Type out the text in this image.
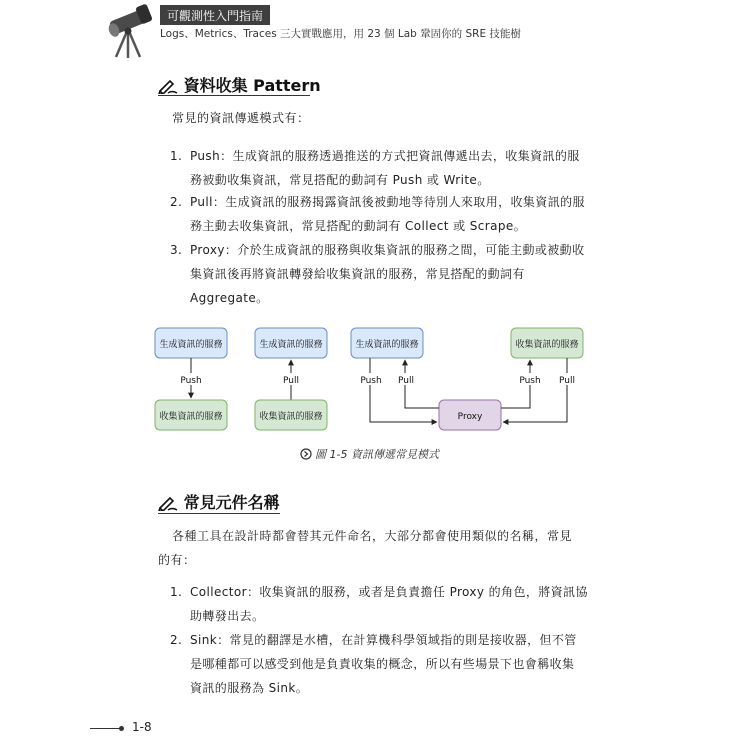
可觀測性入門指南
Logs、Metrics、Traces 三大實戰應用，用 23 個 Lab 鞏固你的 SRE 技能樹
資料收集 Pattern
常見的資訊傳遞模式有：
1. Push：生成資訊的服務透過推送的方式把資訊傳遞出去，收集資訊的服
務被動收集資訊，常見搭配的動詞有 Push 或 Write。
2. Pull：生成資訊的服務揭露資訊後被動地等待別人來取用，收集資訊的服
務主動去收集資訊，常見搭配的動詞有 Collect 或 Scrape。
3. Proxy：介於生成資訊的服務與收集資訊的服務之間，可能主動或被動收
集資訊後再將資訊轉發給收集資訊的服務，常見搭配的動詞有
Aggregate。
生成資訊的服務
Push
收集資訊的服務
生成資訊的服務
Pull
收集資訊的服務
生成資訊的服務	收集資訊的服務
Proxy
Push Pull	Push Pull
圖 1-5 資訊傳遞常見模式
常見元件名稱
各種工具在設計時都會替其元件命名，大部分都會使用類似的名稱，常見
的有：
1. Collector：收集資訊的服務，或者是負責擔任 Proxy 的角色，將資訊協
助轉發出去。
2. Sink：常見的翻譯是水槽，在計算機科學領域指的則是接收器，但不管
是哪種都可以感受到他是負責收集的概念，所以有些場景下也會稱收集
資訊的服務為 Sink。
1-8
